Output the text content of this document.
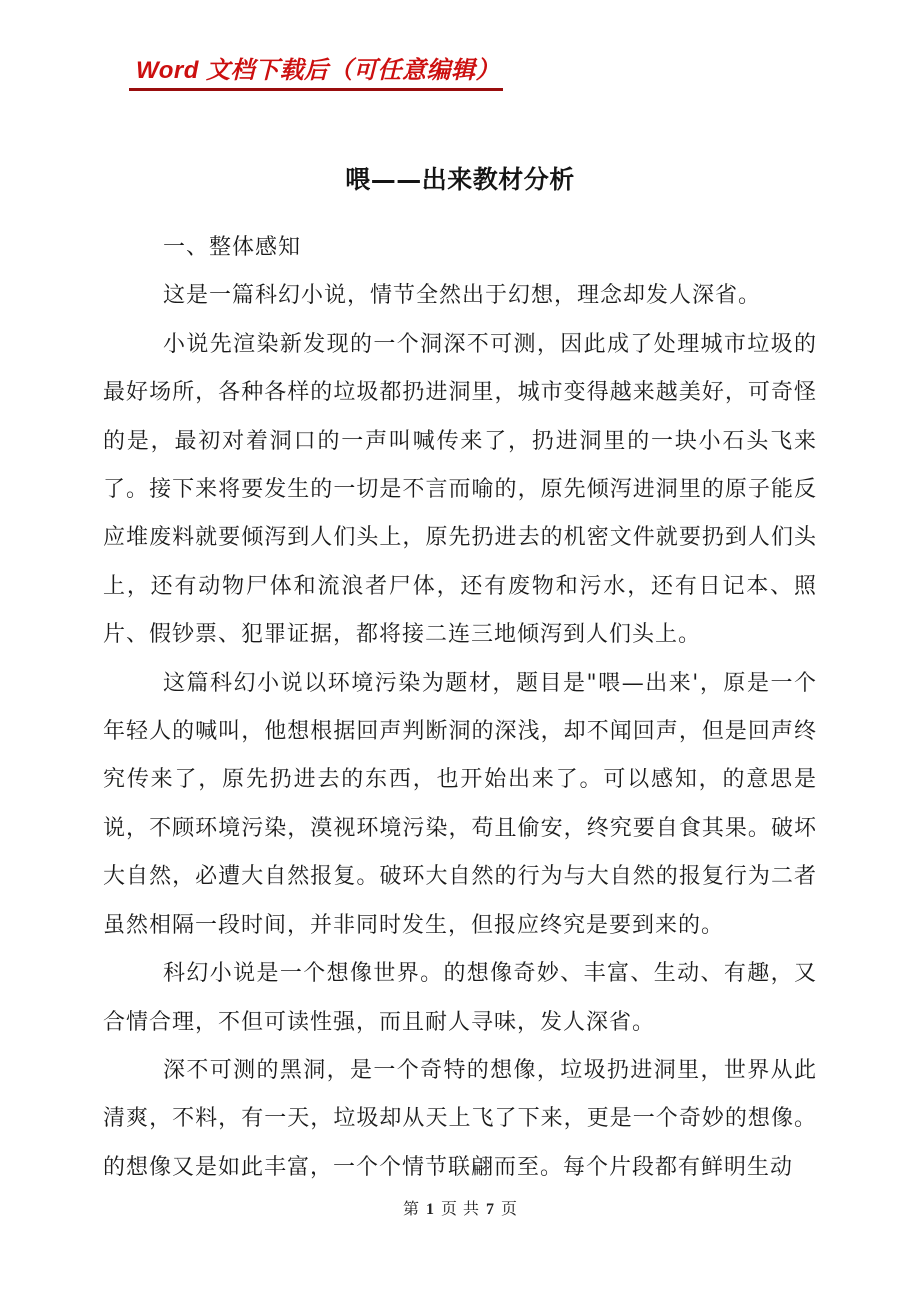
Word 文档下载后（可任意编辑）
喂——出来教材分析

一、整体感知

这是一篇科幻小说，情节全然出于幻想，理念却发人深省。

小说先渲染新发现的一个洞深不可测，因此成了处理城市垃圾的最好场所，各种各样的垃圾都扔进洞里，城市变得越来越美好，可奇怪的是，最初对着洞口的一声叫喊传来了，扔进洞里的一块小石头飞来了。接下来将要发生的一切是不言而喻的，原先倾泻进洞里的原子能反应堆废料就要倾泻到人们头上，原先扔进去的机密文件就要扔到人们头上，还有动物尸体和流浪者尸体，还有废物和污水，还有日记本、照片、假钞票、犯罪证据，都将接二连三地倾泻到人们头上。

这篇科幻小说以环境污染为题材，题目是"喂—出来'，原是一个年轻人的喊叫，他想根据回声判断洞的深浅，却不闻回声，但是回声终究传来了，原先扔进去的东西，也开始出来了。可以感知，的意思是说，不顾环境污染，漠视环境污染，苟且偷安，终究要自食其果。破坏大自然，必遭大自然报复。破环大自然的行为与大自然的报复行为二者虽然相隔一段时间，并非同时发生，但报应终究是要到来的。

科幻小说是一个想像世界。的想像奇妙、丰富、生动、有趣，又合情合理，不但可读性强，而且耐人寻味，发人深省。

深不可测的黑洞，是一个奇特的想像，垃圾扔进洞里，世界从此清爽，不料，有一天，垃圾却从天上飞了下来，更是一个奇妙的想像。的想像又是如此丰富，一个个情节联翩而至。每个片段都有鲜明生动

第 1 页 共 7 页
